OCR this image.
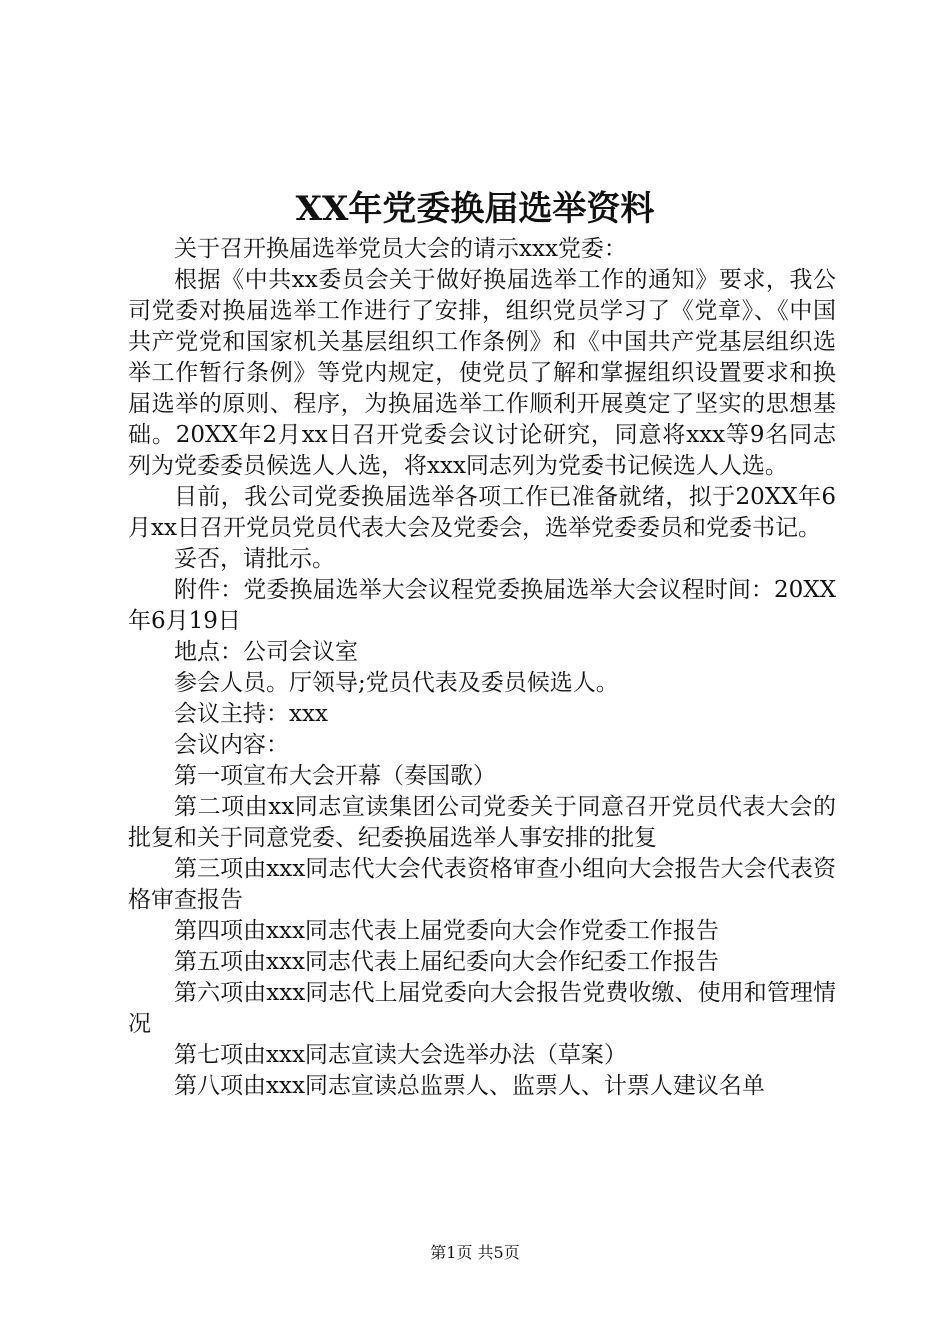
XX年党委换届选举资料

关于召开换届选举党员大会的请示xxx党委：

根据《中共xx委员会关于做好换届选举工作的通知》要求，我公司党委对换届选举工作进行了安排，组织党员学习了《党章》、《中国共产党党和国家机关基层组织工作条例》和《中国共产党基层组织选举工作暂行条例》等党内规定，使党员了解和掌握组织设置要求和换届选举的原则、程序，为换届选举工作顺利开展奠定了坚实的思想基础。20XX年2月xx日召开党委会议讨论研究，同意将xxx等9名同志列为党委委员候选人人选，将xxx同志列为党委书记候选人人选。

目前，我公司党委换届选举各项工作已准备就绪，拟于20XX年6月xx日召开党员党员代表大会及党委会，选举党委委员和党委书记。

妥否，请批示。

附件：党委换届选举大会议程党委换届选举大会议程时间：20XX年6月19日

地点：公司会议室

参会人员。厅领导;党员代表及委员候选人。

会议主持：xxx

会议内容：

第一项宣布大会开幕（奏国歌）

第二项由xx同志宣读集团公司党委关于同意召开党员代表大会的批复和关于同意党委、纪委换届选举人事安排的批复

第三项由xxx同志代大会代表资格审查小组向大会报告大会代表资格审查报告

第四项由xxx同志代表上届党委向大会作党委工作报告

第五项由xxx同志代表上届纪委向大会作纪委工作报告

第六项由xxx同志代上届党委向大会报告党费收缴、使用和管理情况

第七项由xxx同志宣读大会选举办法（草案）

第八项由xxx同志宣读总监票人、监票人、计票人建议名单

第1页 共5页
